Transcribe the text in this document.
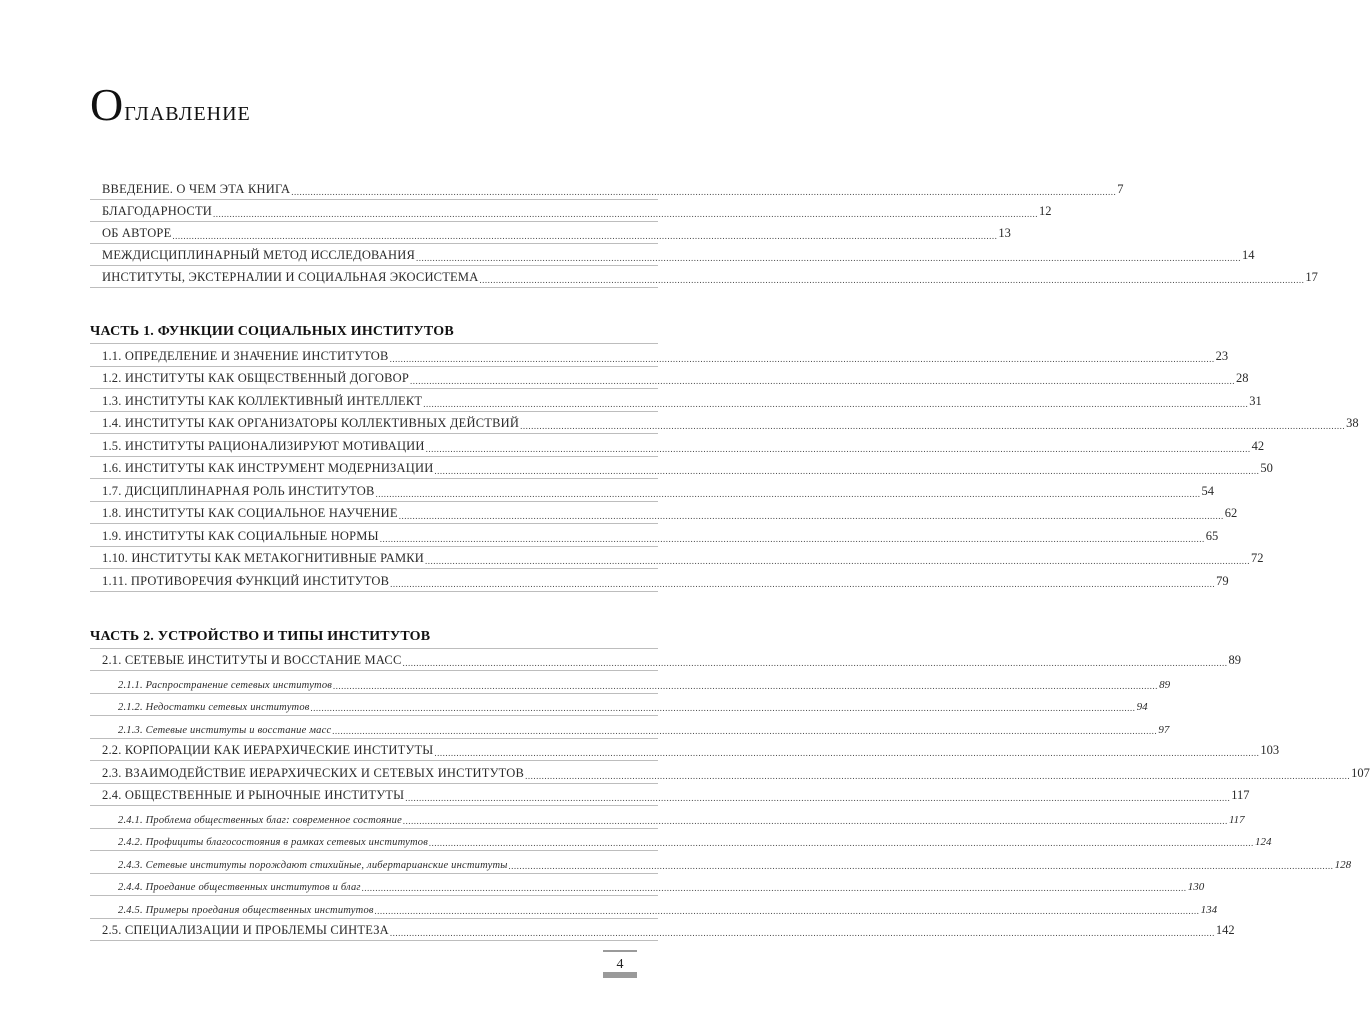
Оглавление
ВВЕДЕНИЕ. О ЧЕМ ЭТА КНИГА ............................................................................................................................................................................................................................................................................................................ 7
БЛАГОДАРНОСТИ ............................................................................................................................................................................................................................................................................................................ 12
ОБ АВТОРЕ ............................................................................................................................................................................................................................................................................................................ 13
МЕЖДИСЦИПЛИНАРНЫЙ МЕТОД ИССЛЕДОВАНИЯ ............................................................................................................................................................................................................................................................................................................ 14
ИНСТИТУТЫ, ЭКСТЕРНАЛИИ И СОЦИАЛЬНАЯ ЭКОСИСТЕМА ............................................................................................................................................................................................................................................................................................................ 17
ЧАСТЬ 1. ФУНКЦИИ СОЦИАЛЬНЫХ ИНСТИТУТОВ
1.1. ОПРЕДЕЛЕНИЕ И ЗНАЧЕНИЕ ИНСТИТУТОВ ............................................................................................................................................................................................................................................................................................................ 23
1.2. ИНСТИТУТЫ КАК ОБЩЕСТВЕННЫЙ ДОГОВОР ............................................................................................................................................................................................................................................................................................................ 28
1.3. ИНСТИТУТЫ КАК КОЛЛЕКТИВНЫЙ ИНТЕЛЛЕКТ ............................................................................................................................................................................................................................................................................................................ 31
1.4. ИНСТИТУТЫ КАК ОРГАНИЗАТОРЫ КОЛЛЕКТИВНЫХ ДЕЙСТВИЙ ............................................................................................................................................................................................................................................................................................................ 38
1.5. ИНСТИТУТЫ РАЦИОНАЛИЗИРУЮТ МОТИВАЦИИ ............................................................................................................................................................................................................................................................................................................ 42
1.6. ИНСТИТУТЫ КАК ИНСТРУМЕНТ МОДЕРНИЗАЦИИ ............................................................................................................................................................................................................................................................................................................ 50
1.7. ДИСЦИПЛИНАРНАЯ РОЛЬ ИНСТИТУТОВ ............................................................................................................................................................................................................................................................................................................ 54
1.8. ИНСТИТУТЫ КАК СОЦИАЛЬНОЕ НАУЧЕНИЕ ............................................................................................................................................................................................................................................................................................................ 62
1.9. ИНСТИТУТЫ КАК СОЦИАЛЬНЫЕ НОРМЫ ............................................................................................................................................................................................................................................................................................................ 65
1.10. ИНСТИТУТЫ КАК МЕТАКОГНИТИВНЫЕ РАМКИ ............................................................................................................................................................................................................................................................................................................ 72
1.11. ПРОТИВОРЕЧИЯ ФУНКЦИЙ ИНСТИТУТОВ ............................................................................................................................................................................................................................................................................................................ 79
ЧАСТЬ 2. УСТРОЙСТВО И ТИПЫ ИНСТИТУТОВ
2.1. СЕТЕВЫЕ ИНСТИТУТЫ И ВОССТАНИЕ МАСС ............................................................................................................................................................................................................................................................................................................ 89
2.1.1. Распространение сетевых институтов ............................................................................................................................................................................................................................................................................................................ 89
2.1.2. Недостатки сетевых институтов ............................................................................................................................................................................................................................................................................................................ 94
2.1.3. Сетевые институты и восстание масс ............................................................................................................................................................................................................................................................................................................ 97
2.2. КОРПОРАЦИИ КАК ИЕРАРХИЧЕСКИЕ ИНСТИТУТЫ ............................................................................................................................................................................................................................................................................................................ 103
2.3. ВЗАИМОДЕЙСТВИЕ ИЕРАРХИЧЕСКИХ И СЕТЕВЫХ ИНСТИТУТОВ ............................................................................................................................................................................................................................................................................................................ 107
2.4. ОБЩЕСТВЕННЫЕ И РЫНОЧНЫЕ ИНСТИТУТЫ ............................................................................................................................................................................................................................................................................................................ 117
2.4.1. Проблема общественных благ: современное состояние ............................................................................................................................................................................................................................................................................................................ 117
2.4.2. Профициты благосостояния в рамках сетевых институтов ............................................................................................................................................................................................................................................................................................................ 124
2.4.3. Сетевые институты порождают стихийные, либертарианские институты ............................................................................................................................................................................................................................................................................................................ 128
2.4.4. Проедание общественных институтов и благ ............................................................................................................................................................................................................................................................................................................ 130
2.4.5. Примеры проедания общественных институтов ............................................................................................................................................................................................................................................................................................................ 134
2.5. СПЕЦИАЛИЗАЦИИ И ПРОБЛЕМЫ СИНТЕЗА ............................................................................................................................................................................................................................................................................................................ 142
4
